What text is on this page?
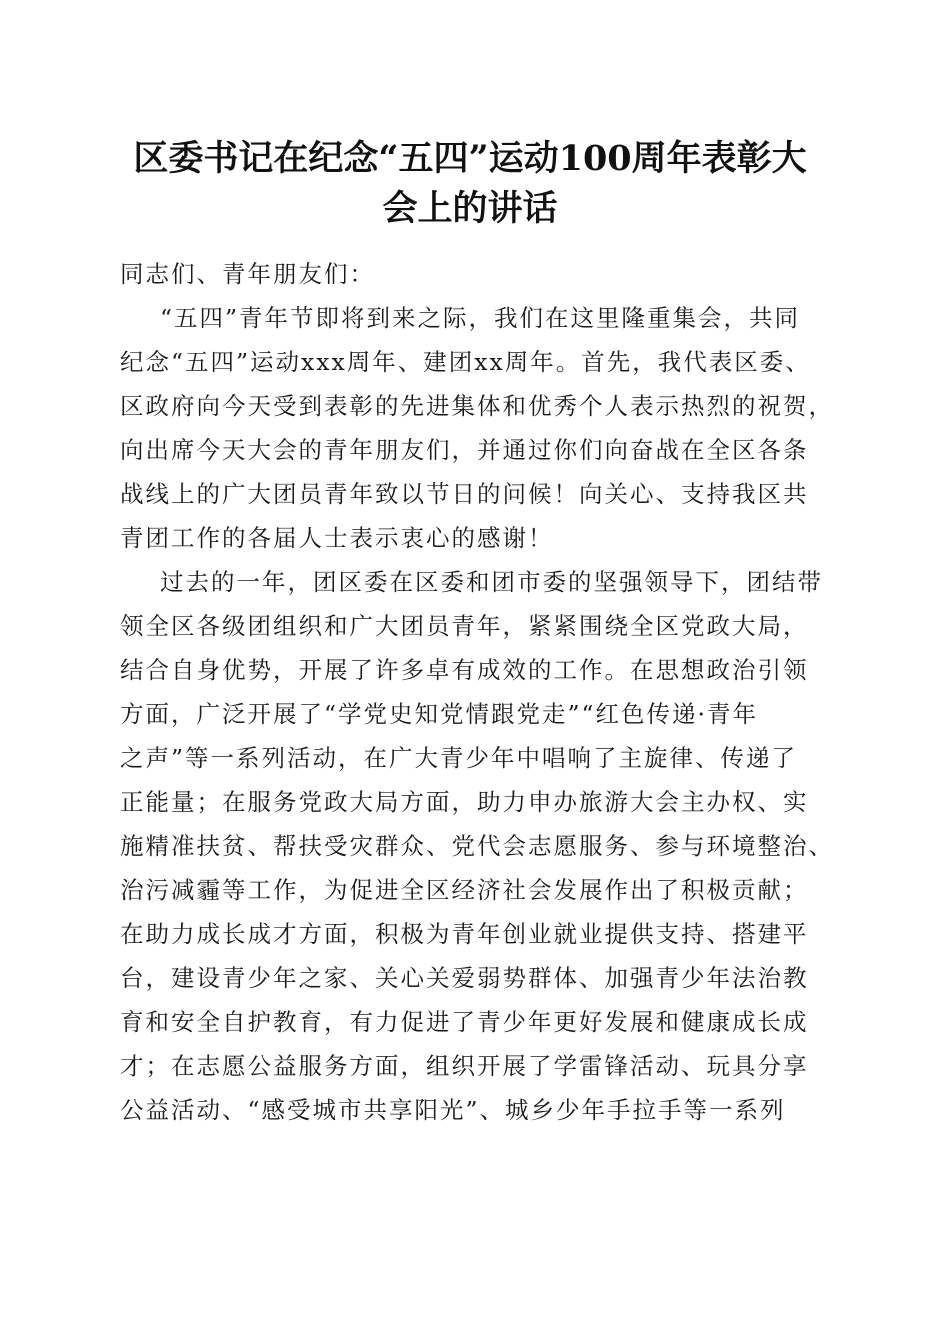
区委书记在纪念“五四”运动100周年表彰大
会上的讲话
同志们、青年朋友们：
“五四”青年节即将到来之际，我们在这里隆重集会，共同
纪念“五四”运动xxx周年、建团xx周年。首先，我代表区委、
区政府向今天受到表彰的先进集体和优秀个人表示热烈的祝贺，
向出席今天大会的青年朋友们，并通过你们向奋战在全区各条
战线上的广大团员青年致以节日的问候！向关心、支持我区共
青团工作的各届人士表示衷心的感谢！
过去的一年，团区委在区委和团市委的坚强领导下，团结带
领全区各级团组织和广大团员青年，紧紧围绕全区党政大局，
结合自身优势，开展了许多卓有成效的工作。在思想政治引领
方面，广泛开展了“学党史知党情跟党走”“红色传递·青年
之声”等一系列活动，在广大青少年中唱响了主旋律、传递了
正能量；在服务党政大局方面，助力申办旅游大会主办权、实
施精准扶贫、帮扶受灾群众、党代会志愿服务、参与环境整治、
治污减霾等工作，为促进全区经济社会发展作出了积极贡献；
在助力成长成才方面，积极为青年创业就业提供支持、搭建平
台，建设青少年之家、关心关爱弱势群体、加强青少年法治教
育和安全自护教育，有力促进了青少年更好发展和健康成长成
才；在志愿公益服务方面，组织开展了学雷锋活动、玩具分享
公益活动、“感受城市共享阳光”、城乡少年手拉手等一系列
